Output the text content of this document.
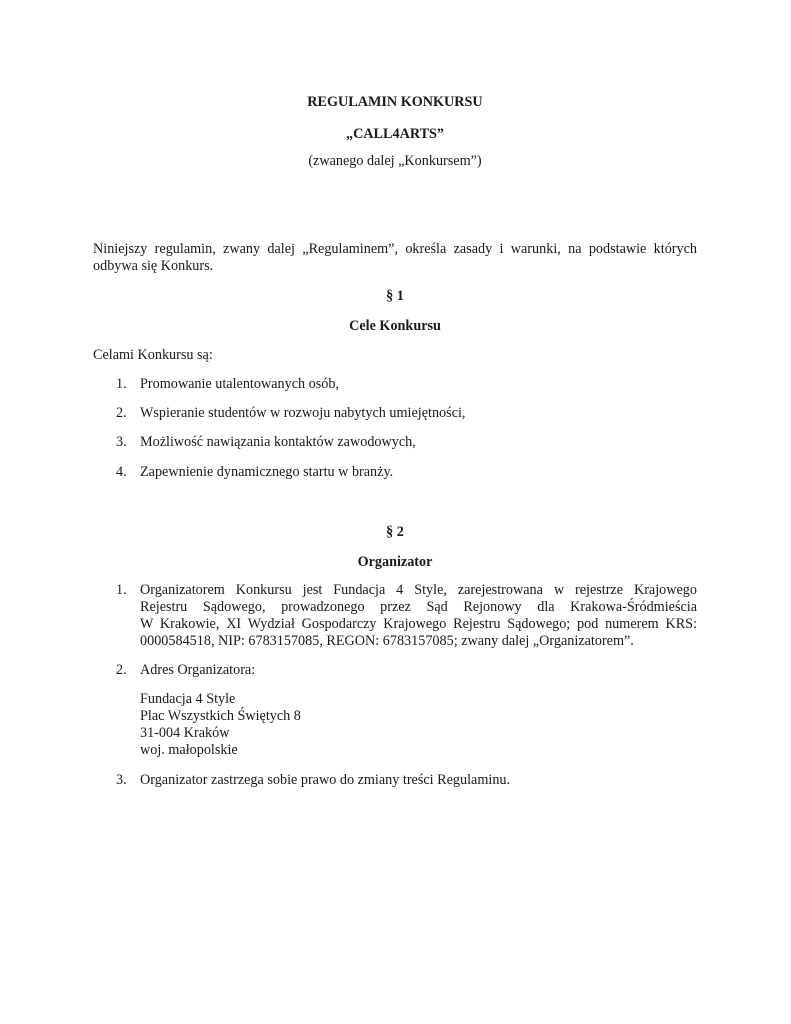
REGULAMIN KONKURSU
„CALL4ARTS”
(zwanego dalej „Konkursem”)
Niniejszy regulamin, zwany dalej „Regulaminem”, określa zasady i warunki, na podstawie których
odbywa się Konkurs.
§ 1
Cele Konkursu
Celami Konkursu są:
1. Promowanie utalentowanych osób,
2. Wspieranie studentów w rozwoju nabytych umiejętności,
3. Możliwość nawiązania kontaktów zawodowych,
4. Zapewnienie dynamicznego startu w branży.
§ 2
Organizator
1. Organizatorem Konkursu jest Fundacja 4 Style, zarejestrowana w rejestrze Krajowego
Rejestru Sądowego, prowadzonego przez Sąd Rejonowy dla Krakowa-Śródmieścia
W Krakowie, XI Wydział Gospodarczy Krajowego Rejestru Sądowego; pod numerem KRS:
0000584518, NIP: 6783157085, REGON: 6783157085; zwany dalej „Organizatorem”.
2. Adres Organizatora:
Fundacja 4 Style
Plac Wszystkich Świętych 8
31-004 Kraków
woj. małopolskie
3. Organizator zastrzega sobie prawo do zmiany treści Regulaminu.
